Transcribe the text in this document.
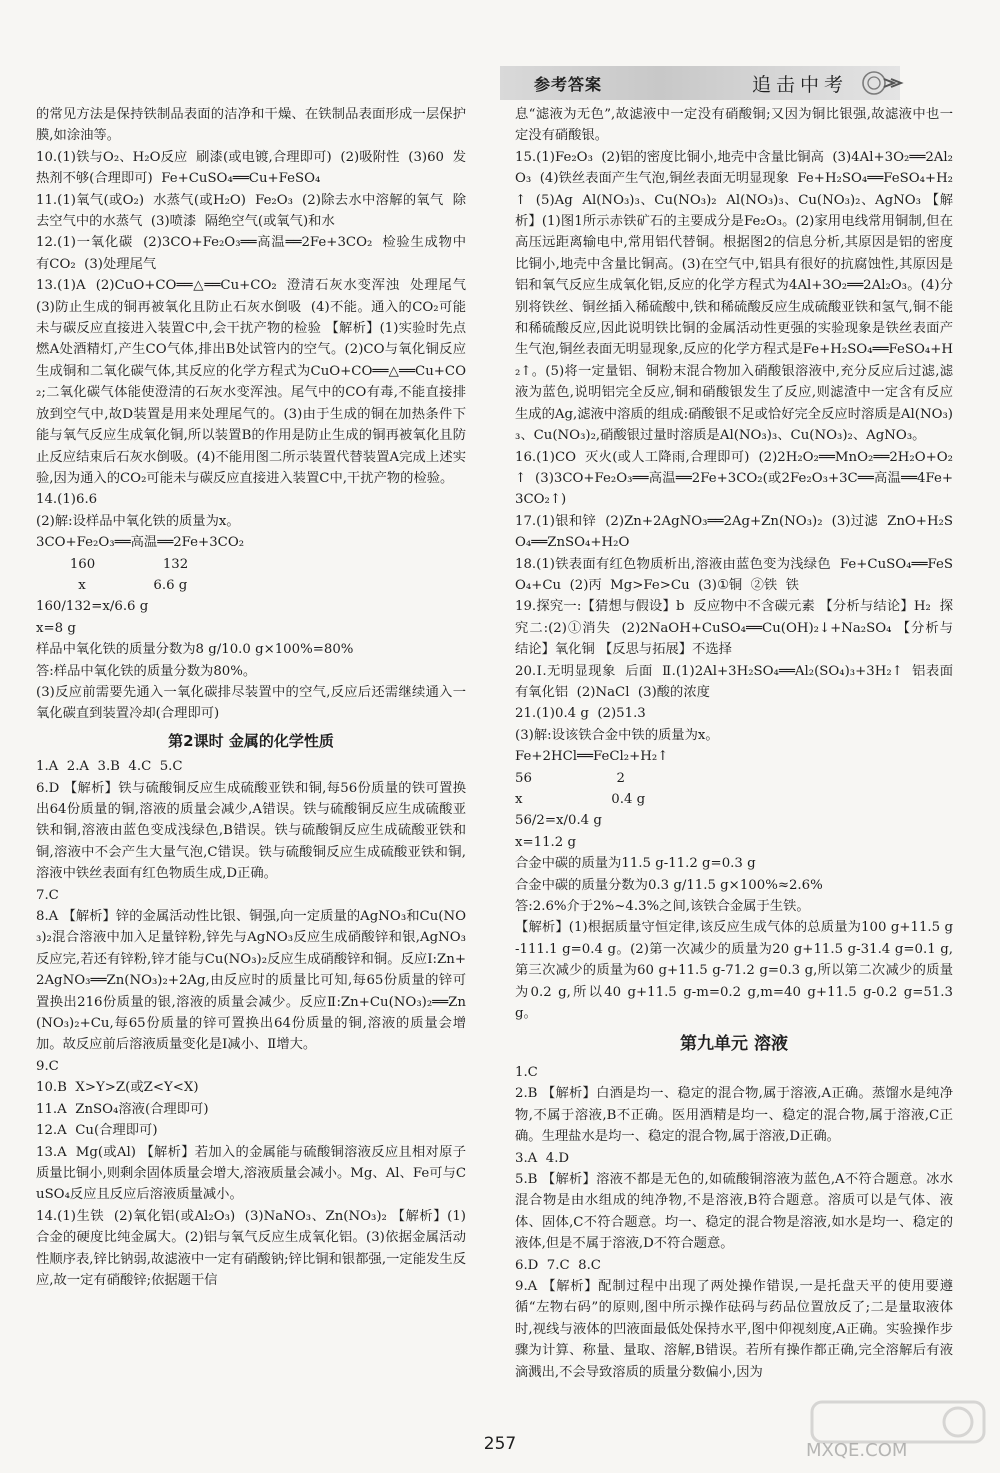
参考答案	追击中考
的常见方法是保持铁制品表面的洁净和干燥、在铁制品表面形成一层保护膜,如涂油等。
10.(1)铁与O₂、H₂O反应  刷漆(或电镀,合理即可)  (2)吸附性  (3)60  发热剂不够(合理即可)  Fe+CuSO₄══Cu+FeSO₄
11.(1)氧气(或O₂)  水蒸气(或H₂O)  Fe₂O₃  (2)除去水中溶解的氧气  除去空气中的水蒸气  (3)喷漆  隔绝空气(或氧气)和水
12.(1)一氧化碳  (2)3CO+Fe₂O₃══高温══2Fe+3CO₂  检验生成物中有CO₂  (3)处理尾气
13.(1)A  (2)CuO+CO══△══Cu+CO₂  澄清石灰水变浑浊  处理尾气  (3)防止生成的铜再被氧化且防止石灰水倒吸  (4)不能。通入的CO₂可能未与碳反应直接进入装置C中,会干扰产物的检验 【解析】(1)实验时先点燃A处酒精灯,产生CO气体,排出B处试管内的空气。(2)CO与氧化铜反应生成铜和二氧化碳气体,其反应的化学方程式为CuO+CO══△══Cu+CO₂;二氧化碳气体能使澄清的石灰水变浑浊。尾气中的CO有毒,不能直接排放到空气中,故D装置是用来处理尾气的。(3)由于生成的铜在加热条件下能与氧气反应生成氧化铜,所以装置B的作用是防止生成的铜再被氧化且防止反应结束后石灰水倒吸。(4)不能用图二所示装置代替装置A完成上述实验,因为通入的CO₂可能未与碳反应直接进入装置C中,干扰产物的检验。
14.(1)6.6
(2)解:设样品中氧化铁的质量为x。
3CO+Fe₂O₃══高温══2Fe+3CO₂
160                132
x                6.6 g
160/132=x/6.6 g
x=8 g
样品中氧化铁的质量分数为8 g/10.0 g×100%=80%
答:样品中氧化铁的质量分数为80%。
(3)反应前需要先通入一氧化碳排尽装置中的空气,反应后还需继续通入一氧化碳直到装置冷却(合理即可)
第2课时 金属的化学性质
1.A  2.A  3.B  4.C  5.C
6.D 【解析】铁与硫酸铜反应生成硫酸亚铁和铜,每56份质量的铁可置换出64份质量的铜,溶液的质量会减少,A错误。铁与硫酸铜反应生成硫酸亚铁和铜,溶液由蓝色变成浅绿色,B错误。铁与硫酸铜反应生成硫酸亚铁和铜,溶液中不会产生大量气泡,C错误。铁与硫酸铜反应生成硫酸亚铁和铜,溶液中铁丝表面有红色物质生成,D正确。
7.C
8.A 【解析】锌的金属活动性比银、铜强,向一定质量的AgNO₃和Cu(NO₃)₂混合溶液中加入足量锌粉,锌先与AgNO₃反应生成硝酸锌和银,AgNO₃反应完,若还有锌粉,锌才能与Cu(NO₃)₂反应生成硝酸锌和铜。反应Ⅰ:Zn+2AgNO₃══Zn(NO₃)₂+2Ag,由反应时的质量比可知,每65份质量的锌可置换出216份质量的银,溶液的质量会减少。反应Ⅱ:Zn+Cu(NO₃)₂══Zn(NO₃)₂+Cu,每65份质量的锌可置换出64份质量的铜,溶液的质量会增加。故反应前后溶液质量变化是Ⅰ减小、Ⅱ增大。
9.C
10.B  X>Y>Z(或Z<Y<X)
11.A  ZnSO₄溶液(合理即可)
12.A  Cu(合理即可)
13.A  Mg(或Al) 【解析】若加入的金属能与硫酸铜溶液反应且相对原子质量比铜小,则剩余固体质量会增大,溶液质量会减小。Mg、Al、Fe可与CuSO₄反应且反应后溶液质量减小。
14.(1)生铁  (2)氧化铝(或Al₂O₃)  (3)NaNO₃、Zn(NO₃)₂ 【解析】(1)合金的硬度比纯金属大。(2)铝与氧气反应生成氧化铝。(3)依据金属活动性顺序表,锌比钠弱,故滤液中一定有硝酸钠;锌比铜和银都强,一定能发生反应,故一定有硝酸锌;依据题干信
息“滤液为无色”,故滤液中一定没有硝酸铜;又因为铜比银强,故滤液中也一定没有硝酸银。
15.(1)Fe₂O₃  (2)铝的密度比铜小,地壳中含量比铜高  (3)4Al+3O₂══2Al₂O₃  (4)铁丝表面产生气泡,铜丝表面无明显现象  Fe+H₂SO₄══FeSO₄+H₂↑  (5)Ag  Al(NO₃)₃、Cu(NO₃)₂  Al(NO₃)₃、Cu(NO₃)₂、AgNO₃ 【解析】(1)图1所示赤铁矿石的主要成分是Fe₂O₃。(2)家用电线常用铜制,但在高压远距离输电中,常用铝代替铜。根据图2的信息分析,其原因是铝的密度比铜小,地壳中含量比铜高。(3)在空气中,铝具有很好的抗腐蚀性,其原因是铝和氧气反应生成氧化铝,反应的化学方程式为4Al+3O₂══2Al₂O₃。(4)分别将铁丝、铜丝插入稀硫酸中,铁和稀硫酸反应生成硫酸亚铁和氢气,铜不能和稀硫酸反应,因此说明铁比铜的金属活动性更强的实验现象是铁丝表面产生气泡,铜丝表面无明显现象,反应的化学方程式是Fe+H₂SO₄══FeSO₄+H₂↑。(5)将一定量铝、铜粉末混合物加入硝酸银溶液中,充分反应后过滤,滤液为蓝色,说明铝完全反应,铜和硝酸银发生了反应,则滤渣中一定含有反应生成的Ag,滤液中溶质的组成:硝酸银不足或恰好完全反应时溶质是Al(NO₃)₃、Cu(NO₃)₂,硝酸银过量时溶质是Al(NO₃)₃、Cu(NO₃)₂、AgNO₃。
16.(1)CO  灭火(或人工降雨,合理即可)  (2)2H₂O₂══MnO₂══2H₂O+O₂↑  (3)3CO+Fe₂O₃══高温══2Fe+3CO₂(或2Fe₂O₃+3C══高温══4Fe+3CO₂↑)
17.(1)银和锌  (2)Zn+2AgNO₃══2Ag+Zn(NO₃)₂  (3)过滤  ZnO+H₂SO₄══ZnSO₄+H₂O
18.(1)铁表面有红色物质析出,溶液由蓝色变为浅绿色  Fe+CuSO₄══FeSO₄+Cu  (2)丙  Mg>Fe>Cu  (3)①铜  ②铁  铁
19.探究一:【猜想与假设】b  反应物中不含碳元素 【分析与结论】H₂  探究二:(2)①消失  (2)2NaOH+CuSO₄══Cu(OH)₂↓+Na₂SO₄ 【分析与结论】氧化铜 【反思与拓展】不选择
20.Ⅰ.无明显现象  后面  Ⅱ.(1)2Al+3H₂SO₄══Al₂(SO₄)₃+3H₂↑  铝表面有氧化铝  (2)NaCl  (3)酸的浓度
21.(1)0.4 g  (2)51.3
(3)解:设该铁合金中铁的质量为x。
Fe+2HCl══FeCl₂+H₂↑
56                    2
x                     0.4 g
56/2=x/0.4 g
x=11.2 g
合金中碳的质量为11.5 g-11.2 g=0.3 g
合金中碳的质量分数为0.3 g/11.5 g×100%≈2.6%
答:2.6%介于2%~4.3%之间,该铁合金属于生铁。
【解析】(1)根据质量守恒定律,该反应生成气体的总质量为100 g+11.5 g-111.1 g=0.4 g。(2)第一次减少的质量为20 g+11.5 g-31.4 g=0.1 g,第三次减少的质量为60 g+11.5 g-71.2 g=0.3 g,所以第二次减少的质量为0.2 g,所以40 g+11.5 g-m=0.2 g,m=40 g+11.5 g-0.2 g=51.3 g。
第九单元 溶液
1.C
2.B 【解析】白酒是均一、稳定的混合物,属于溶液,A正确。蒸馏水是纯净物,不属于溶液,B不正确。医用酒精是均一、稳定的混合物,属于溶液,C正确。生理盐水是均一、稳定的混合物,属于溶液,D正确。
3.A  4.D
5.B 【解析】溶液不都是无色的,如硫酸铜溶液为蓝色,A不符合题意。冰水混合物是由水组成的纯净物,不是溶液,B符合题意。溶质可以是气体、液体、固体,C不符合题意。均一、稳定的混合物是溶液,如水是均一、稳定的液体,但是不属于溶液,D不符合题意。
6.D  7.C  8.C
9.A 【解析】配制过程中出现了两处操作错误,一是托盘天平的使用要遵循“左物右码”的原则,图中所示操作砝码与药品位置放反了;二是量取液体时,视线与液体的凹液面最低处保持水平,图中仰视刻度,A正确。实验操作步骤为计算、称量、量取、溶解,B错误。若所有操作都正确,完全溶解后有液滴溅出,不会导致溶质的质量分数偏小,因为
257	MXQE.COM
